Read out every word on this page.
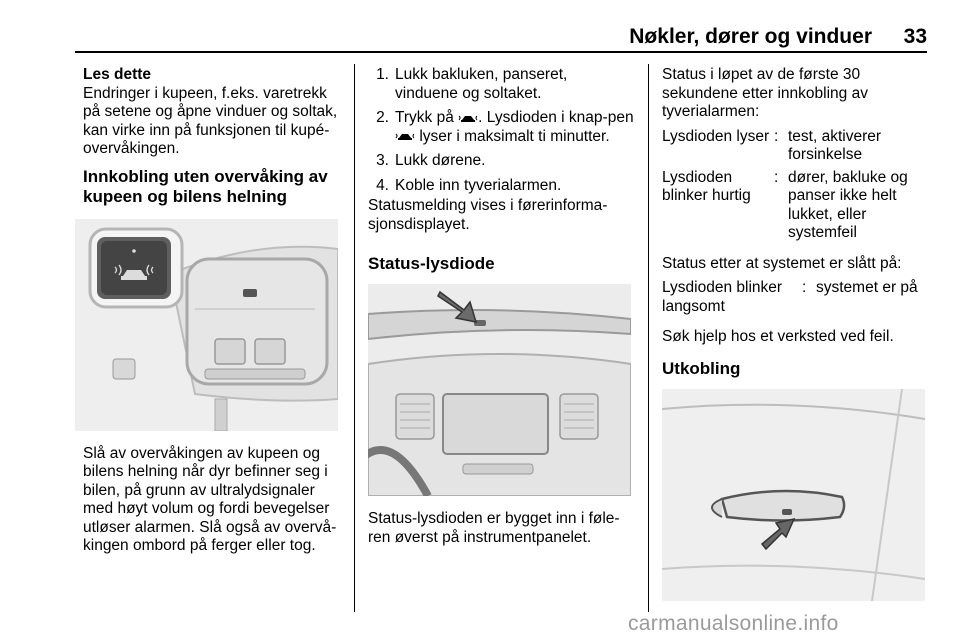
Nøkler, dører og vinduer 33

Les dette

Endringer i kupeen, f.eks. varetrekk på setene og åpne vinduer og soltak, kan virke inn på funksjonen til kupé-overvåkingen.

Innkobling uten overvåking av kupeen og bilens helning

Slå av overvåkingen av kupeen og bilens helning når dyr befinner seg i bilen, på grunn av ultralydsignaler med høyt volum og fordi bevegelser utløser alarmen. Slå også av overvå-kingen ombord på ferger eller tog.

1. Lukk bakluken, panseret, vinduene og soltaket.
2. Trykk på . Lysdioden i knap-pen  lyser i maksimalt ti minutter.
3. Lukk dørene.
4. Koble inn tyverialarmen.

Statusmelding vises i førerinforma-sjonsdisplayet.

Status-lysdiode

Status-lysdioden er bygget inn i føle-ren øverst på instrumentpanelet.

Status i løpet av de første 30 sekundene etter innkobling av tyverialarmen:

Lysdioden lyser : test, aktiverer forsinkelse
Lysdioden blinker hurtig
: dører, bakluke og panser ikke helt lukket, eller systemfeil

Status etter at systemet er slått på:

Lysdioden blinker langsomt
: systemet er på

Søk hjelp hos et verksted ved feil.

Utkobling
carmanualsonline.info
